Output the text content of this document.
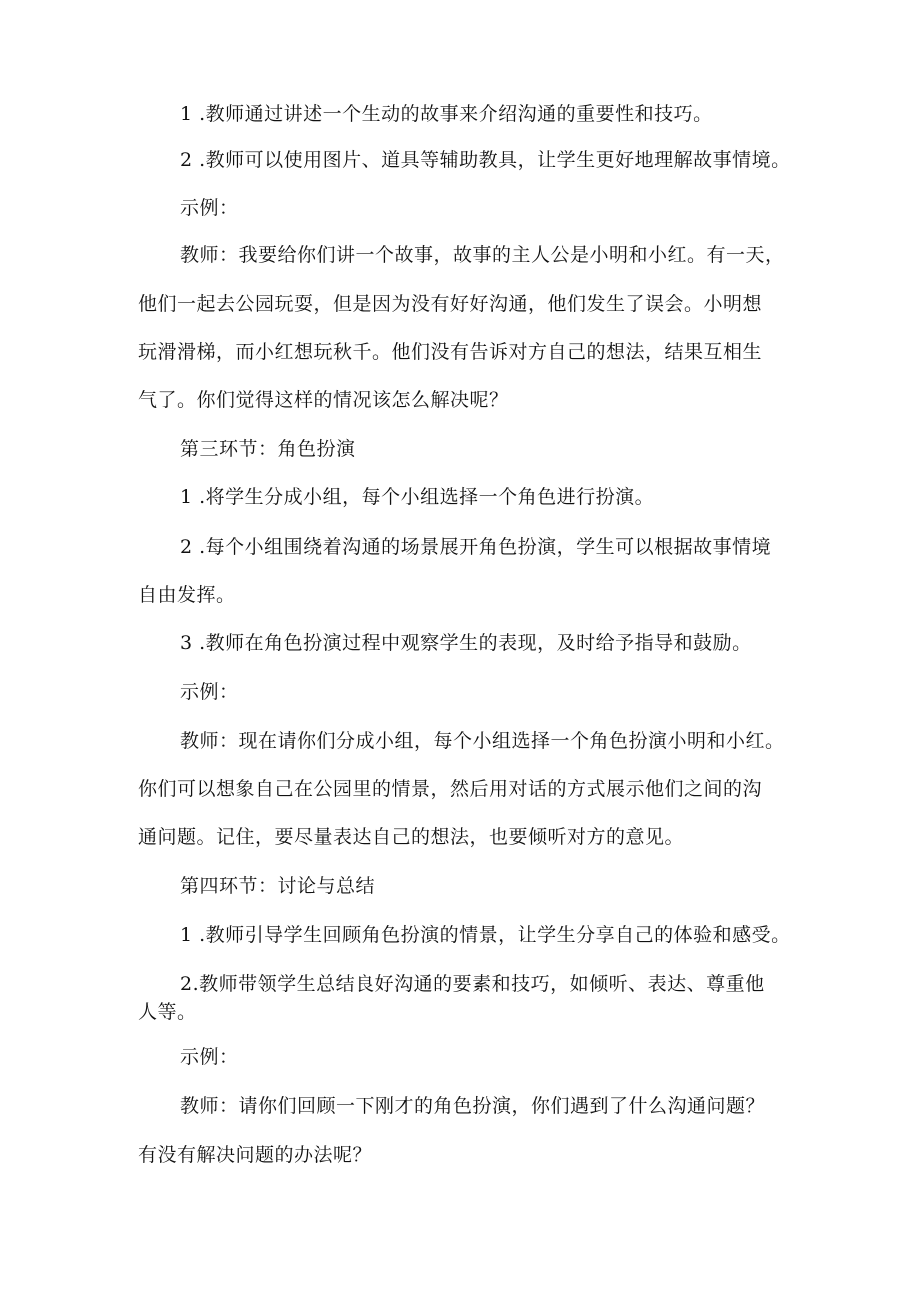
1 .教师通过讲述一个生动的故事来介绍沟通的重要性和技巧。
2 .教师可以使用图片、道具等辅助教具，让学生更好地理解故事情境。
示例：
教师：我要给你们讲一个故事，故事的主人公是小明和小红。有一天，
他们一起去公园玩耍，但是因为没有好好沟通，他们发生了误会。小明想
玩滑滑梯，而小红想玩秋千。他们没有告诉对方自己的想法，结果互相生
气了。你们觉得这样的情况该怎么解决呢？
第三环节：角色扮演
1 .将学生分成小组，每个小组选择一个角色进行扮演。
2 .每个小组围绕着沟通的场景展开角色扮演，学生可以根据故事情境
自由发挥。
3 .教师在角色扮演过程中观察学生的表现，及时给予指导和鼓励。
示例：
教师：现在请你们分成小组，每个小组选择一个角色扮演小明和小红。
你们可以想象自己在公园里的情景，然后用对话的方式展示他们之间的沟
通问题。记住，要尽量表达自己的想法，也要倾听对方的意见。
第四环节：讨论与总结
1 .教师引导学生回顾角色扮演的情景，让学生分享自己的体验和感受。
2.教师带领学生总结良好沟通的要素和技巧，如倾听、表达、尊重他
人等。
示例：
教师：请你们回顾一下刚才的角色扮演，你们遇到了什么沟通问题？
有没有解决问题的办法呢？
